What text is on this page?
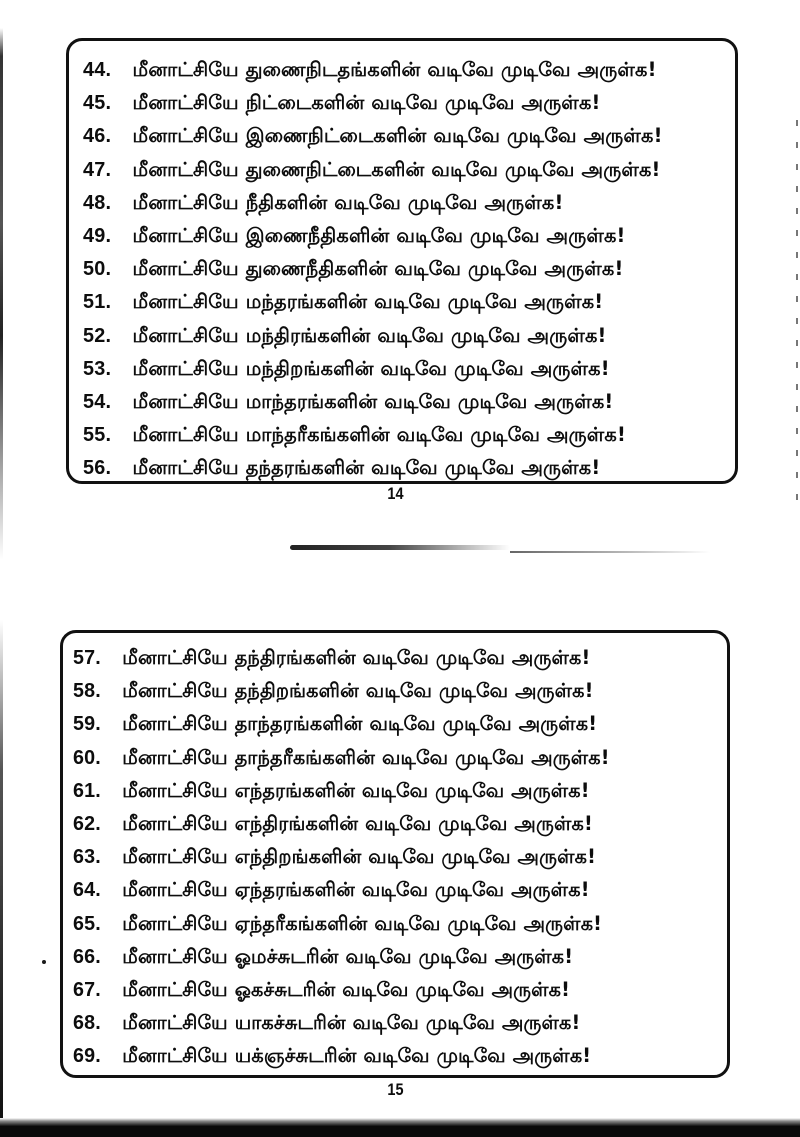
44. மீனாட்சியே துணைநிடதங்களின் வடிவே முடிவே அருள்க!
45. மீனாட்சியே நிட்டைகளின் வடிவே முடிவே அருள்க!
46. மீனாட்சியே இணைநிட்டைகளின் வடிவே முடிவே அருள்க!
47. மீனாட்சியே துணைநிட்டைகளின் வடிவே முடிவே அருள்க!
48. மீனாட்சியே நீதிகளின் வடிவே முடிவே அருள்க!
49. மீனாட்சியே இணைநீதிகளின் வடிவே முடிவே அருள்க!
50. மீனாட்சியே துணைநீதிகளின் வடிவே முடிவே அருள்க!
51. மீனாட்சியே மந்தரங்களின் வடிவே முடிவே அருள்க!
52. மீனாட்சியே மந்திரங்களின் வடிவே முடிவே அருள்க!
53. மீனாட்சியே மந்திறங்களின் வடிவே முடிவே அருள்க!
54. மீனாட்சியே மாந்தரங்களின் வடிவே முடிவே அருள்க!
55. மீனாட்சியே மாந்தரீகங்களின் வடிவே முடிவே அருள்க!
56. மீனாட்சியே தந்தரங்களின் வடிவே முடிவே அருள்க!
14
57. மீனாட்சியே தந்திரங்களின் வடிவே முடிவே அருள்க!
58. மீனாட்சியே தந்திறங்களின் வடிவே முடிவே அருள்க!
59. மீனாட்சியே தாந்தரங்களின் வடிவே முடிவே அருள்க!
60. மீனாட்சியே தாந்தரீகங்களின் வடிவே முடிவே அருள்க!
61. மீனாட்சியே எந்தரங்களின் வடிவே முடிவே அருள்க!
62. மீனாட்சியே எந்திரங்களின் வடிவே முடிவே அருள்க!
63. மீனாட்சியே எந்திறங்களின் வடிவே முடிவே அருள்க!
64. மீனாட்சியே ஏந்தரங்களின் வடிவே முடிவே அருள்க!
65. மீனாட்சியே ஏந்தரீகங்களின் வடிவே முடிவே அருள்க!
66. மீனாட்சியே ஓமச்சுடரின் வடிவே முடிவே அருள்க!
67. மீனாட்சியே ஓகச்சுடரின் வடிவே முடிவே அருள்க!
68. மீனாட்சியே யாகச்சுடரின் வடிவே முடிவே அருள்க!
69. மீனாட்சியே யக்ஞச்சுடரின் வடிவே முடிவே அருள்க!
15
